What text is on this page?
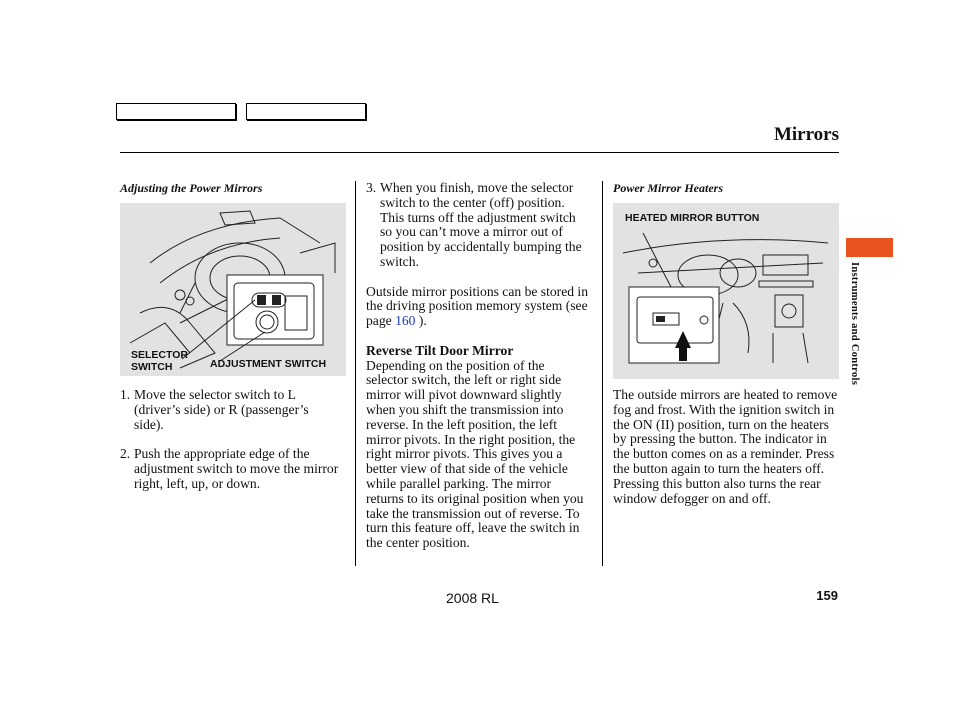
Mirrors
Adjusting the Power Mirrors
SELECTOR
SWITCH	ADJUSTMENT SWITCH
1. Move the selector switch to L (driver’s side) or R (passenger’s side).
2. Push the appropriate edge of the adjustment switch to move the mirror right, left, up, or down.
3. When you finish, move the selector switch to the center (off) position. This turns off the adjustment switch so you can’t move a mirror out of position by accidentally bumping the switch.
Outside mirror positions can be stored in the driving position memory system (see page 160 ).
Reverse Tilt Door Mirror
Depending on the position of the selector switch, the left or right side mirror will pivot downward slightly when you shift the transmission into reverse. In the left position, the left mirror pivots. In the right position, the right mirror pivots. This gives you a better view of that side of the vehicle while parallel parking. The mirror returns to its original position when you take the transmission out of reverse. To turn this feature off, leave the switch in the center position.
Power Mirror Heaters
HEATED MIRROR BUTTON
The outside mirrors are heated to remove fog and frost. With the ignition switch in the ON (II) position, turn on the heaters by pressing the button. The indicator in the button comes on as a reminder. Press the button again to turn the heaters off. Pressing this button also turns the rear window defogger on and off.
Instruments and Controls
2008 RL	159
